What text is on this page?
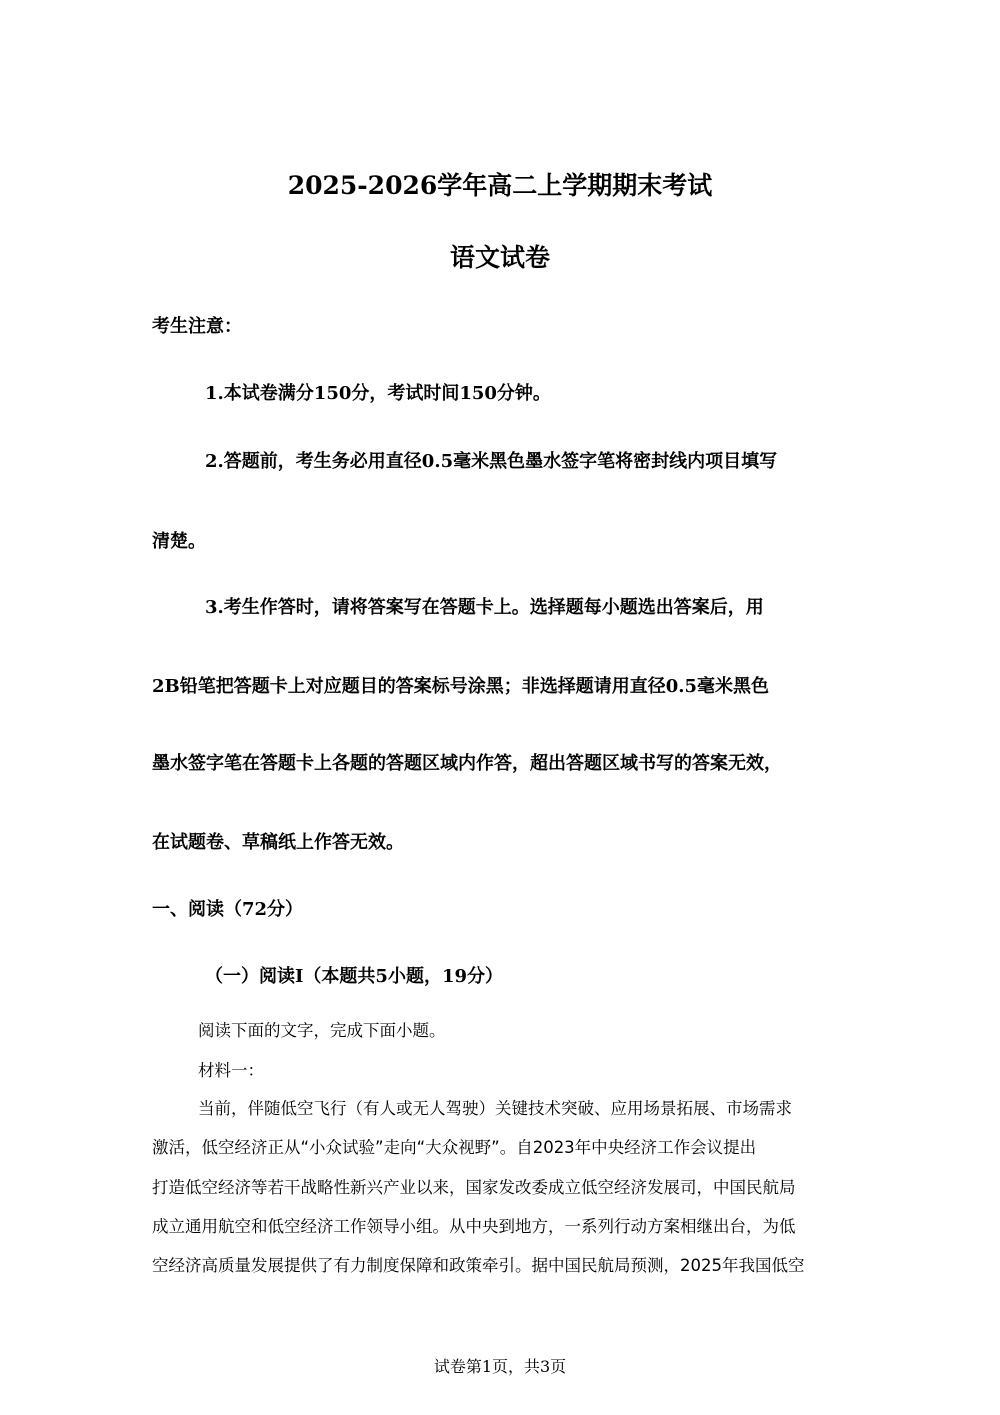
2025-2026学年高二上学期期末考试
语文试卷
考生注意：
1.本试卷满分150分，考试时间150分钟。
2.答题前，考生务必用直径0.5毫米黑色墨水签字笔将密封线内项目填写
清楚。
3.考生作答时，请将答案写在答题卡上。选择题每小题选出答案后，用
2B铅笔把答题卡上对应题目的答案标号涂黑；非选择题请用直径0.5毫米黑色
墨水签字笔在答题卡上各题的答题区域内作答，超出答题区域书写的答案无效，
在试题卷、草稿纸上作答无效。
一、阅读（72分）
（一）阅读Ⅰ（本题共5小题，19分）
阅读下面的文字，完成下面小题。
材料一：
当前，伴随低空飞行（有人或无人驾驶）关键技术突破、应用场景拓展、市场需求
激活，低空经济正从“小众试验”走向“大众视野”。自2023年中央经济工作会议提出
打造低空经济等若干战略性新兴产业以来，国家发改委成立低空经济发展司，中国民航局
成立通用航空和低空经济工作领导小组。从中央到地方，一系列行动方案相继出台，为低
空经济高质量发展提供了有力制度保障和政策牵引。据中国民航局预测，2025年我国低空
试卷第1页，共3页
